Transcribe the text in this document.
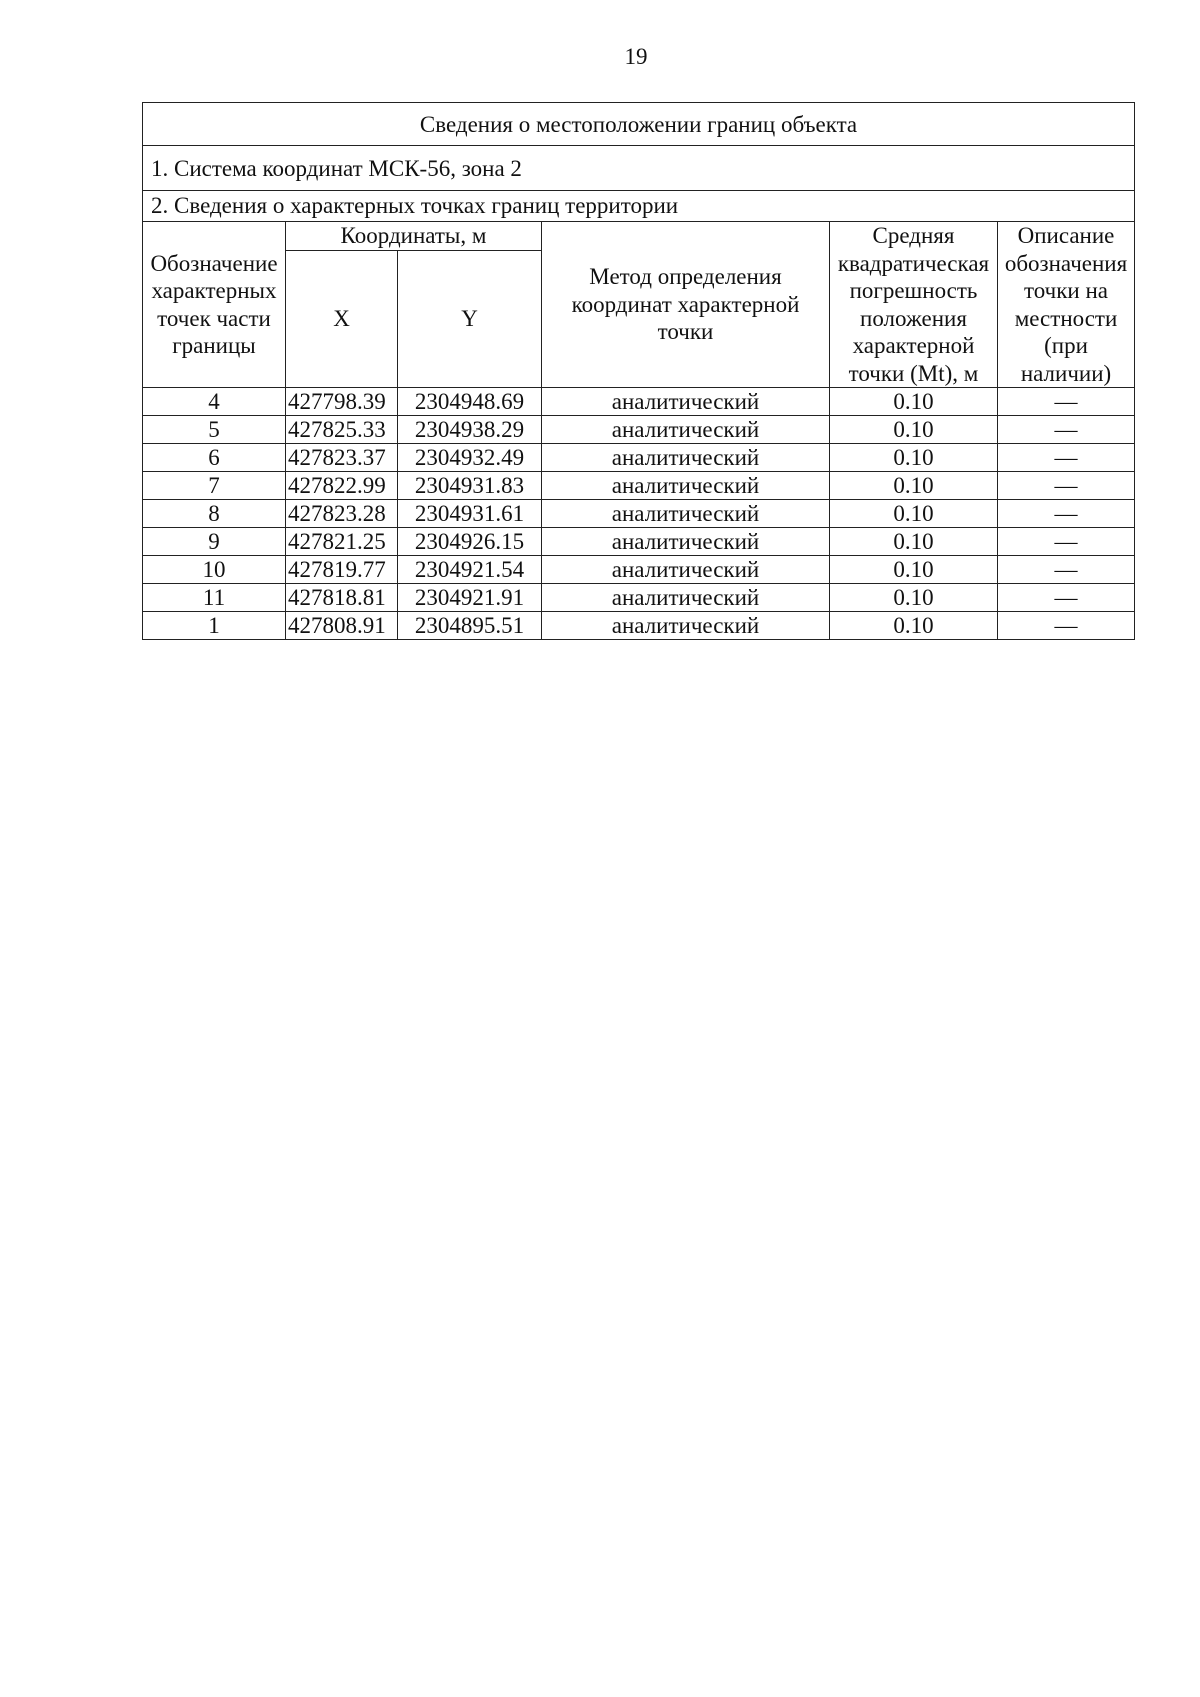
19
Сведения о местоположении границ объекта					
1. Система координат МСК-56, зона 2					
2. Сведения о характерных точках границ территории					
Обозначение характерных точек части границы	Координаты, м		Метод определения координат характерной точки	Средняя квадратическая погрешность положения характерной точки (Mt), м	Описание обозначения точки на местности (при наличии)
	X	Y			
4	427798.39	2304948.69	аналитический	0.10	—
5	427825.33	2304938.29	аналитический	0.10	—
6	427823.37	2304932.49	аналитический	0.10	—
7	427822.99	2304931.83	аналитический	0.10	—
8	427823.28	2304931.61	аналитический	0.10	—
9	427821.25	2304926.15	аналитический	0.10	—
10	427819.77	2304921.54	аналитический	0.10	—
11	427818.81	2304921.91	аналитический	0.10	—
1	427808.91	2304895.51	аналитический	0.10	—
